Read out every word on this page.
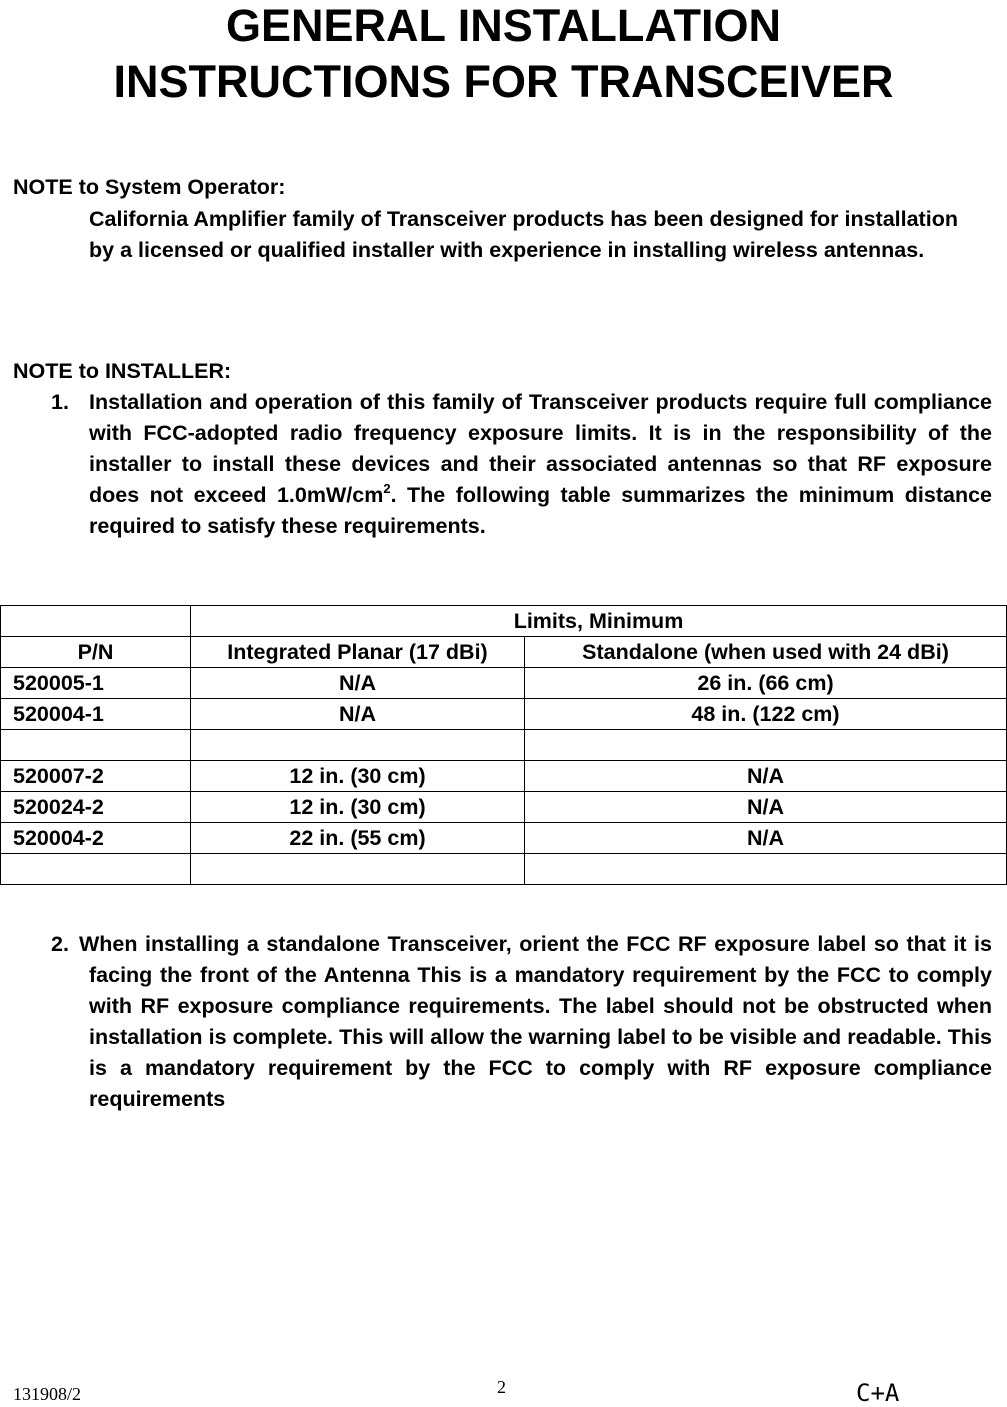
GENERAL INSTALLATION
INSTRUCTIONS FOR TRANSCEIVER
NOTE to System Operator:
California Amplifier family of Transceiver products has been designed for installation by a licensed or qualified installer with experience in installing wireless antennas.
NOTE to INSTALLER:
1. Installation and operation of this family of Transceiver products require full compliance with FCC-adopted radio frequency exposure limits. It is in the responsibility of the installer to install these devices and their associated antennas so that RF exposure does not exceed $1.0mW/cm^2$. The following table summarizes the minimum distance required to satisfy these requirements.
	Limits, Minimum	
P/N	Integrated Planar (17 dBi)	Standalone (when used with 24 dBi)
520005-1	N/A	26 in. (66 cm)
520004-1	N/A	48 in. (122 cm)

520007-2	12 in. (30 cm)	N/A
520024-2	12 in. (30 cm)	N/A
520004-2	22 in. (55 cm)	N/A

2. When installing a standalone Transceiver, orient the FCC RF exposure label so that it is facing the front of the Antenna This is a mandatory requirement by the FCC to comply with RF exposure compliance requirements. The label should not be obstructed when installation is complete. This will allow the warning label to be visible and readable. This is a mandatory requirement by the FCC to comply with RF exposure compliance requirements
131908/2	2	C+A
